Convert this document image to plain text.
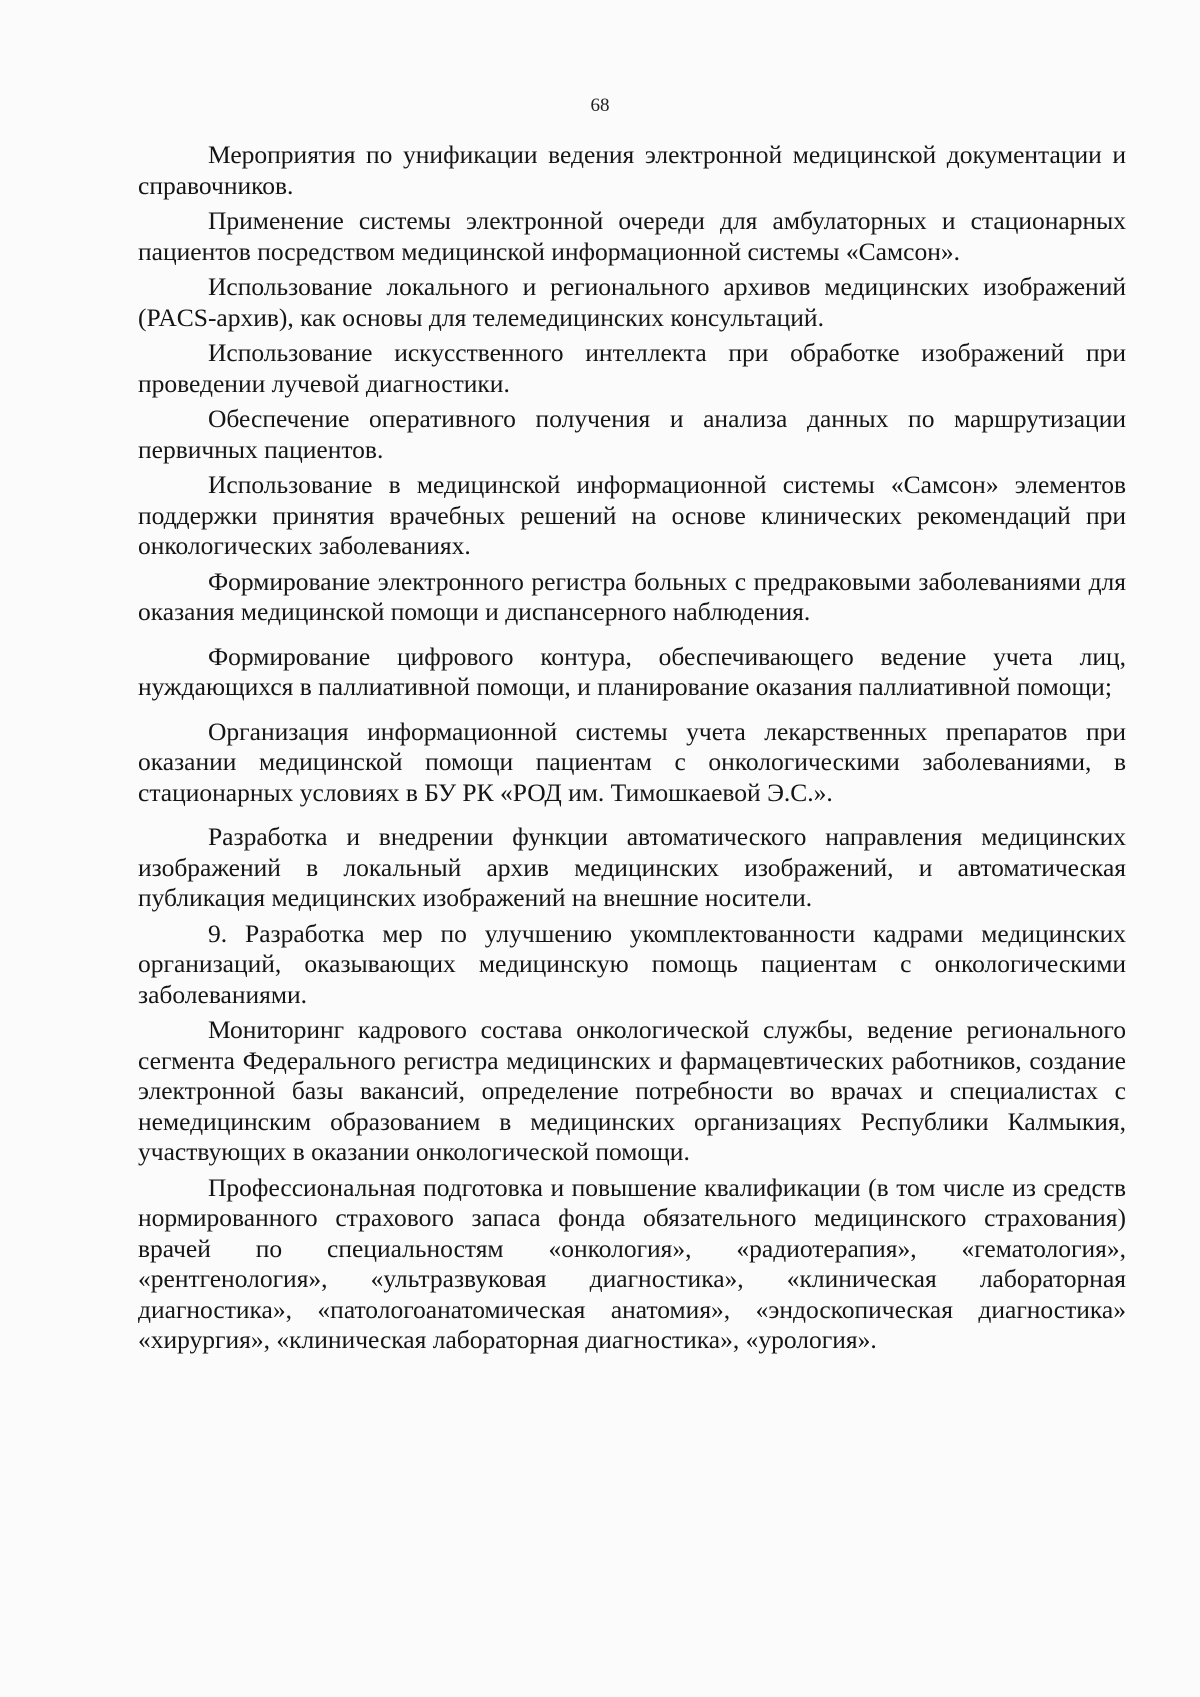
68

Мероприятия по унификации ведения электронной медицинской документации и справочников.

Применение системы электронной очереди для амбулаторных и стационарных пациентов посредством медицинской информационной системы «Самсон».

Использование локального и регионального архивов медицинских изображений (PACS-архив), как основы для телемедицинских консультаций.

Использование искусственного интеллекта при обработке изображений при проведении лучевой диагностики.

Обеспечение оперативного получения и анализа данных по маршрутизации первичных пациентов.

Использование в медицинской информационной системы «Самсон» элементов поддержки принятия врачебных решений на основе клинических рекомендаций при онкологических заболеваниях.

Формирование электронного регистра больных с предраковыми заболеваниями для оказания медицинской помощи и диспансерного наблюдения.

Формирование цифрового контура, обеспечивающего ведение учета лиц, нуждающихся в паллиативной помощи, и планирование оказания паллиативной помощи;

Организация информационной системы учета лекарственных препаратов при оказании медицинской помощи пациентам с онкологическими заболеваниями, в стационарных условиях в БУ РК «РОД им. Тимошкаевой Э.С.».

Разработка и внедрении функции автоматического направления медицинских изображений в локальный архив медицинских изображений, и автоматическая публикация медицинских изображений на внешние носители.

9. Разработка мер по улучшению укомплектованности кадрами медицинских организаций, оказывающих медицинскую помощь пациентам с онкологическими заболеваниями.

Мониторинг кадрового состава онкологической службы, ведение регионального сегмента Федерального регистра медицинских и фармацевтических работников, создание электронной базы вакансий, определение потребности во врачах и специалистах с немедицинским образованием в медицинских организациях Республики Калмыкия, участвующих в оказании онкологической помощи.

Профессиональная подготовка и повышение квалификации (в том числе из средств нормированного страхового запаса фонда обязательного медицинского страхования) врачей по специальностям «онкология», «радиотерапия», «гематология», «рентгенология», «ультразвуковая диагностика», «клиническая лабораторная диагностика», «патологоанатомическая анатомия», «эндоскопическая диагностика» «хирургия», «клиническая лабораторная диагностика», «урология».
